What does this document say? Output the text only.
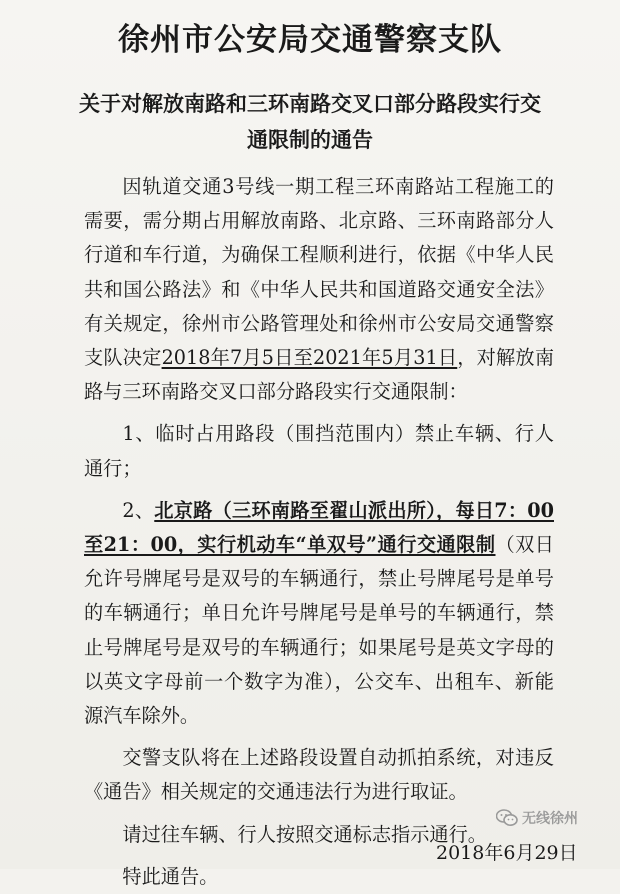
徐州市公安局交通警察支队
关于对解放南路和三环南路交叉口部分路段实行交通限制的通告

因轨道交通3号线一期工程三环南路站工程施工的需要，需分期占用解放南路、北京路、三环南路部分人行道和车行道，为确保工程顺利进行，依据《中华人民共和国公路法》和《中华人民共和国道路交通安全法》有关规定，徐州市公路管理处和徐州市公安局交通警察支队决定2018年7月5日至2021年5月31日，对解放南路与三环南路交叉口部分路段实行交通限制：

1、临时占用路段（围挡范围内）禁止车辆、行人通行；

2、北京路（三环南路至翟山派出所），每日7：00至21：00，实行机动车“单双号”通行交通限制（双日允许号牌尾号是双号的车辆通行，禁止号牌尾号是单号的车辆通行；单日允许号牌尾号是单号的车辆通行，禁止号牌尾号是双号的车辆通行；如果尾号是英文字母的以英文字母前一个数字为准），公交车、出租车、新能源汽车除外。

交警支队将在上述路段设置自动抓拍系统，对违反《通告》相关规定的交通违法行为进行取证。

请过往车辆、行人按照交通标志指示通行。

特此通告。

无线徐州
2018年6月29日
